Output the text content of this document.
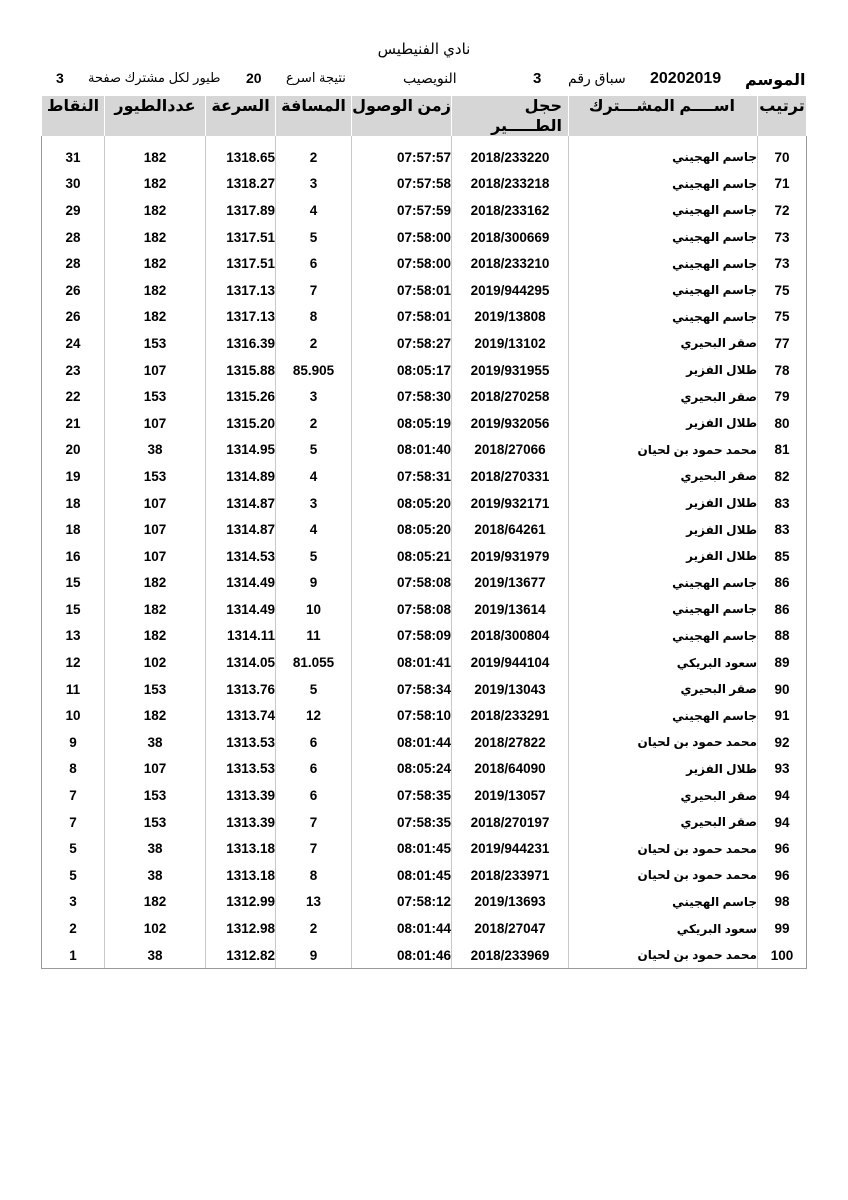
نادي الفنيطيس
الموسم
20202019
سباق رقم
3
النويصيب
نتيجة اسرع
20
طيور لكل مشترك صفحة
3
النقاط	عددالطيور	السرعة	المسافة	زمن الوصول	حجل الطـــــير	اســــم المشـــترك	ترتيب

31	182	1318.65	2	07:57:57	2018/233220	جاسم الهجيني	70
30	182	1318.27	3	07:57:58	2018/233218	جاسم الهجيني	71
29	182	1317.89	4	07:57:59	2018/233162	جاسم الهجيني	72
28	182	1317.51	5	07:58:00	2018/300669	جاسم الهجيني	73
28	182	1317.51	6	07:58:00	2018/233210	جاسم الهجيني	73
26	182	1317.13	7	07:58:01	2019/944295	جاسم الهجيني	75
26	182	1317.13	8	07:58:01	2019/13808	جاسم الهجيني	75
24	153	1316.39	2	07:58:27	2019/13102	صقر البحيري	77
23	107	1315.88	85.905	08:05:17	2019/931955	طلال الفزير	78
22	153	1315.26	3	07:58:30	2018/270258	صقر البحيري	79
21	107	1315.20	2	08:05:19	2019/932056	طلال الفزير	80
20	38	1314.95	5	08:01:40	2018/27066	محمد حمود بن لحيان	81
19	153	1314.89	4	07:58:31	2018/270331	صقر البحيري	82
18	107	1314.87	3	08:05:20	2019/932171	طلال الفزير	83
18	107	1314.87	4	08:05:20	2018/64261	طلال الفزير	83
16	107	1314.53	5	08:05:21	2019/931979	طلال الفزير	85
15	182	1314.49	9	07:58:08	2019/13677	جاسم الهجيني	86
15	182	1314.49	10	07:58:08	2019/13614	جاسم الهجيني	86
13	182	1314.11	11	07:58:09	2018/300804	جاسم الهجيني	88
12	102	1314.05	81.055	08:01:41	2019/944104	سعود البريكي	89
11	153	1313.76	5	07:58:34	2019/13043	صقر البحيري	90
10	182	1313.74	12	07:58:10	2018/233291	جاسم الهجيني	91
9	38	1313.53	6	08:01:44	2018/27822	محمد حمود بن لحيان	92
8	107	1313.53	6	08:05:24	2018/64090	طلال الفزير	93
7	153	1313.39	6	07:58:35	2019/13057	صقر البحيري	94
7	153	1313.39	7	07:58:35	2018/270197	صقر البحيري	94
5	38	1313.18	7	08:01:45	2019/944231	محمد حمود بن لحيان	96
5	38	1313.18	8	08:01:45	2018/233971	محمد حمود بن لحيان	96
3	182	1312.99	13	07:58:12	2019/13693	جاسم الهجيني	98
2	102	1312.98	2	08:01:44	2018/27047	سعود البريكي	99
1	38	1312.82	9	08:01:46	2018/233969	محمد حمود بن لحيان	100
